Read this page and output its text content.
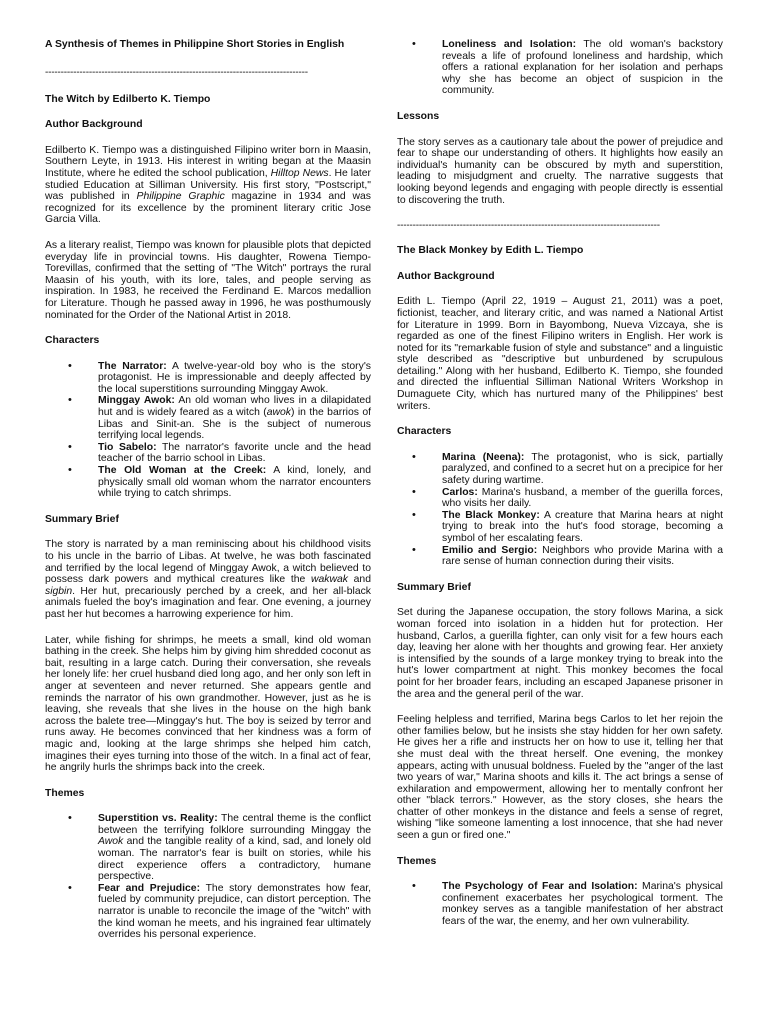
A Synthesis of Themes in Philippine Short Stories in English
------------------------------------------------------------------------------------
The Witch by Edilberto K. Tiempo
Author Background

Edilberto K. Tiempo was a distinguished Filipino writer born in Maasin, Southern Leyte, in 1913. His interest in writing began at the Maasin Institute, where he edited the school publication, Hilltop News. He later studied Education at Silliman University. His first story, "Postscript," was published in Philippine Graphic magazine in 1934 and was recognized for its excellence by the prominent literary critic Jose Garcia Villa.

As a literary realist, Tiempo was known for plausible plots that depicted everyday life in provincial towns. His daughter, Rowena Tiempo-Torevillas, confirmed that the setting of "The Witch" portrays the rural Maasin of his youth, with its lore, tales, and people serving as inspiration. In 1983, he received the Ferdinand E. Marcos medallion for Literature. Though he passed away in 1996, he was posthumously nominated for the Order of the National Artist in 2018.

Characters
• The Narrator: A twelve-year-old boy who is the story's protagonist. He is impressionable and deeply affected by the local superstitions surrounding Minggay Awok.
• Minggay Awok: An old woman who lives in a dilapidated hut and is widely feared as a witch (awok) in the barrios of Libas and Sinit-an. She is the subject of numerous terrifying local legends.
• Tio Sabelo: The narrator's favorite uncle and the head teacher of the barrio school in Libas.
• The Old Woman at the Creek: A kind, lonely, and physically small old woman whom the narrator encounters while trying to catch shrimps.
Summary Brief

The story is narrated by a man reminiscing about his childhood visits to his uncle in the barrio of Libas. At twelve, he was both fascinated and terrified by the local legend of Minggay Awok, a witch believed to possess dark powers and mythical creatures like the wakwak and sigbin. Her hut, precariously perched by a creek, and her all-black animals fueled the boy's imagination and fear. One evening, a journey past her hut becomes a harrowing experience for him.

Later, while fishing for shrimps, he meets a small, kind old woman bathing in the creek. She helps him by giving him shredded coconut as bait, resulting in a large catch. During their conversation, she reveals her lonely life: her cruel husband died long ago, and her only son left in anger at seventeen and never returned. She appears gentle and reminds the narrator of his own grandmother. However, just as he is leaving, she reveals that she lives in the house on the high bank across the balete tree—Minggay's hut. The boy is seized by terror and runs away. He becomes convinced that her kindness was a form of magic and, looking at the large shrimps she helped him catch, imagines their eyes turning into those of the witch. In a final act of fear, he angrily hurls the shrimps back into the creek.

Themes
• Superstition vs. Reality: The central theme is the conflict between the terrifying folklore surrounding Minggay the Awok and the tangible reality of a kind, sad, and lonely old woman. The narrator's fear is built on stories, while his direct experience offers a contradictory, humane perspective.
• Fear and Prejudice: The story demonstrates how fear, fueled by community prejudice, can distort perception. The narrator is unable to reconcile the image of the "witch" with the kind woman he meets, and his ingrained fear ultimately overrides his personal experience.
• Loneliness and Isolation: The old woman's backstory reveals a life of profound loneliness and hardship, which offers a rational explanation for her isolation and perhaps why she has become an object of suspicion in the community.
Lessons

The story serves as a cautionary tale about the power of prejudice and fear to shape our understanding of others. It highlights how easily an individual's humanity can be obscured by myth and superstition, leading to misjudgment and cruelty. The narrative suggests that looking beyond legends and engaging with people directly is essential to discovering the truth.

------------------------------------------------------------------------------------
The Black Monkey by Edith L. Tiempo
Author Background

Edith L. Tiempo (April 22, 1919 – August 21, 2011) was a poet, fictionist, teacher, and literary critic, and was named a National Artist for Literature in 1999. Born in Bayombong, Nueva Vizcaya, she is regarded as one of the finest Filipino writers in English. Her work is noted for its "remarkable fusion of style and substance" and a linguistic style described as "descriptive but unburdened by scrupulous detailing." Along with her husband, Edilberto K. Tiempo, she founded and directed the influential Silliman National Writers Workshop in Dumaguete City, which has nurtured many of the Philippines' best writers.

Characters
• Marina (Neena): The protagonist, who is sick, partially paralyzed, and confined to a secret hut on a precipice for her safety during wartime.
• Carlos: Marina's husband, a member of the guerilla forces, who visits her daily.
• The Black Monkey: A creature that Marina hears at night trying to break into the hut's food storage, becoming a symbol of her escalating fears.
• Emilio and Sergio: Neighbors who provide Marina with a rare sense of human connection during their visits.
Summary Brief

Set during the Japanese occupation, the story follows Marina, a sick woman forced into isolation in a hidden hut for protection. Her husband, Carlos, a guerilla fighter, can only visit for a few hours each day, leaving her alone with her thoughts and growing fear. Her anxiety is intensified by the sounds of a large monkey trying to break into the hut's lower compartment at night. This monkey becomes the focal point for her broader fears, including an escaped Japanese prisoner in the area and the general peril of the war.

Feeling helpless and terrified, Marina begs Carlos to let her rejoin the other families below, but he insists she stay hidden for her own safety. He gives her a rifle and instructs her on how to use it, telling her that she must deal with the threat herself. One evening, the monkey appears, acting with unusual boldness. Fueled by the "anger of the last two years of war," Marina shoots and kills it. The act brings a sense of exhilaration and empowerment, allowing her to mentally confront her other "black terrors." However, as the story closes, she hears the chatter of other monkeys in the distance and feels a sense of regret, wishing "like someone lamenting a lost innocence, that she had never seen a gun or fired one."

Themes
• The Psychology of Fear and Isolation: Marina's physical confinement exacerbates her psychological torment. The monkey serves as a tangible manifestation of her abstract fears of the war, the enemy, and her own vulnerability.
